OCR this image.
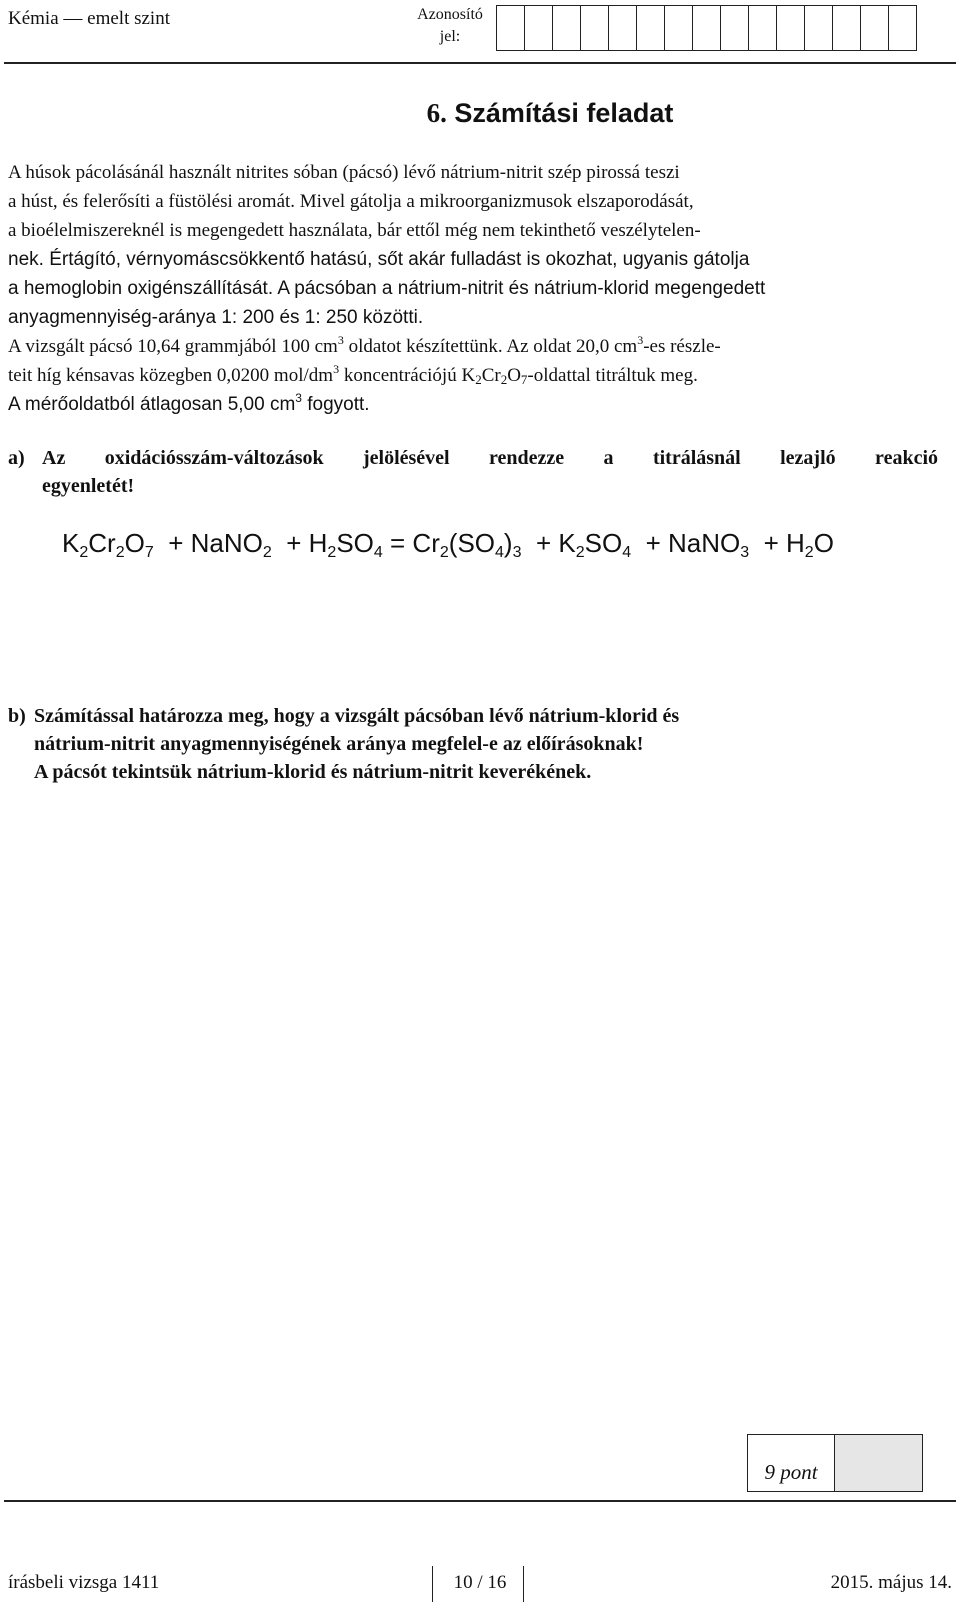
Kémia — emelt szint	Azonosító
jel:
6. Számítási feladat

A húsok pácolásánál használt nitrites sóban (pácsó) lévő nátrium-nitrit szép pirossá teszi

a húst, és felerősíti a füstölési aromát. Mivel gátolja a mikroorganizmusok elszaporodását,

a bioélelmiszereknél is megengedett használata, bár ettől még nem tekinthető veszélytelen-

nek. Értágító, vérnyomáscsökkentő hatású, sőt akár fulladást is okozhat, ugyanis gátolja

a hemoglobin oxigénszállítását. A pácsóban a nátrium-nitrit és nátrium-klorid megengedett

anyagmennyiség-aránya 1: 200 és 1: 250 közötti.

A vizsgált pácsó 10,64 grammjából 100 $cm^3$ oldatot készítettünk. Az oldat 20,0 $cm^3-es$ részle-

teit híg kénsavas közegben 0,0200 mol/$dm^3$ koncentrációjú $K_2Cr_2O_7$-oldattal titráltuk meg.

A mérőoldatból átlagosan 5,00 $cm^3$ fogyott.

a) Az oxidációsszám-változások jelölésével rendezze a titrálásnál lezajló reakció
egyenletét!
$K_2Cr_2O_7$  + NaNO$_2$  + $H_2SO_4 = Cr_2(SO_4)_3 + K_2SO_4$  + NaNO$_3$  + $H_2O$
b) Számítással határozza meg, hogy a vizsgált pácsóban lévő nátrium-klorid és
nátrium-nitrit anyagmennyiségének aránya megfelel-e az előírásoknak!
A pácsót tekintsük nátrium-klorid és nátrium-nitrit keverékének.
9 pont
írásbeli vizsga 1411	10 / 16	2015. május 14.
